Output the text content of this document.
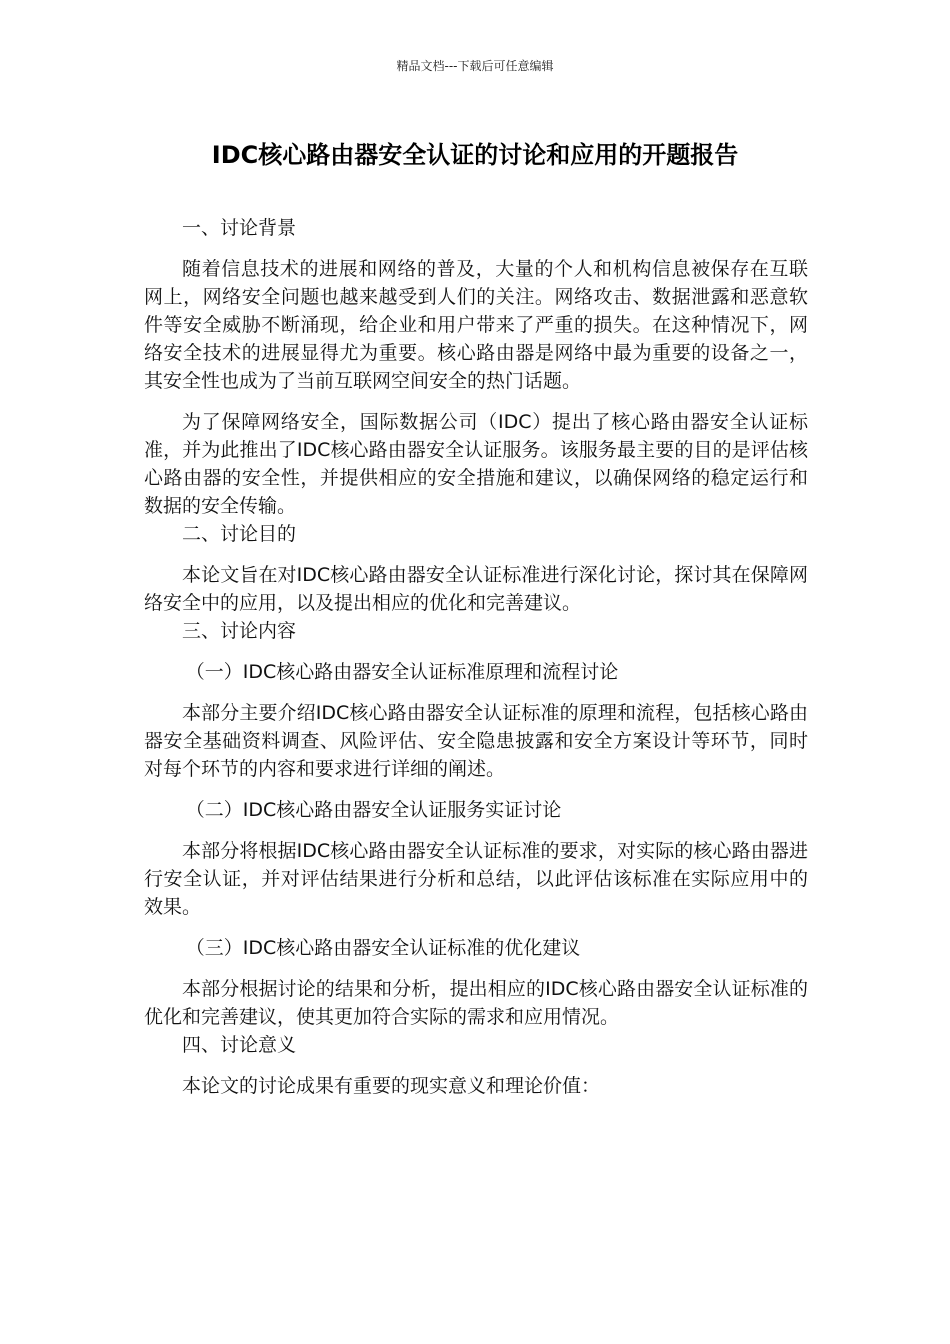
精品文档---下载后可任意编辑
IDC核心路由器安全认证的讨论和应用的开题报告

一、讨论背景

随着信息技术的进展和网络的普及，大量的个人和机构信息被保存在互联网上，网络安全问题也越来越受到人们的关注。网络攻击、数据泄露和恶意软件等安全威胁不断涌现，给企业和用户带来了严重的损失。在这种情况下，网络安全技术的进展显得尤为重要。核心路由器是网络中最为重要的设备之一，其安全性也成为了当前互联网空间安全的热门话题。

为了保障网络安全，国际数据公司（IDC）提出了核心路由器安全认证标准，并为此推出了IDC核心路由器安全认证服务。该服务最主要的目的是评估核心路由器的安全性，并提供相应的安全措施和建议，以确保网络的稳定运行和数据的安全传输。

二、讨论目的

本论文旨在对IDC核心路由器安全认证标准进行深化讨论，探讨其在保障网络安全中的应用，以及提出相应的优化和完善建议。

三、讨论内容

（一）IDC核心路由器安全认证标准原理和流程讨论

本部分主要介绍IDC核心路由器安全认证标准的原理和流程，包括核心路由器安全基础资料调查、风险评估、安全隐患披露和安全方案设计等环节，同时对每个环节的内容和要求进行详细的阐述。

（二）IDC核心路由器安全认证服务实证讨论

本部分将根据IDC核心路由器安全认证标准的要求，对实际的核心路由器进行安全认证，并对评估结果进行分析和总结，以此评估该标准在实际应用中的效果。

（三）IDC核心路由器安全认证标准的优化建议

本部分根据讨论的结果和分析，提出相应的IDC核心路由器安全认证标准的优化和完善建议，使其更加符合实际的需求和应用情况。

四、讨论意义

本论文的讨论成果有重要的现实意义和理论价值：
